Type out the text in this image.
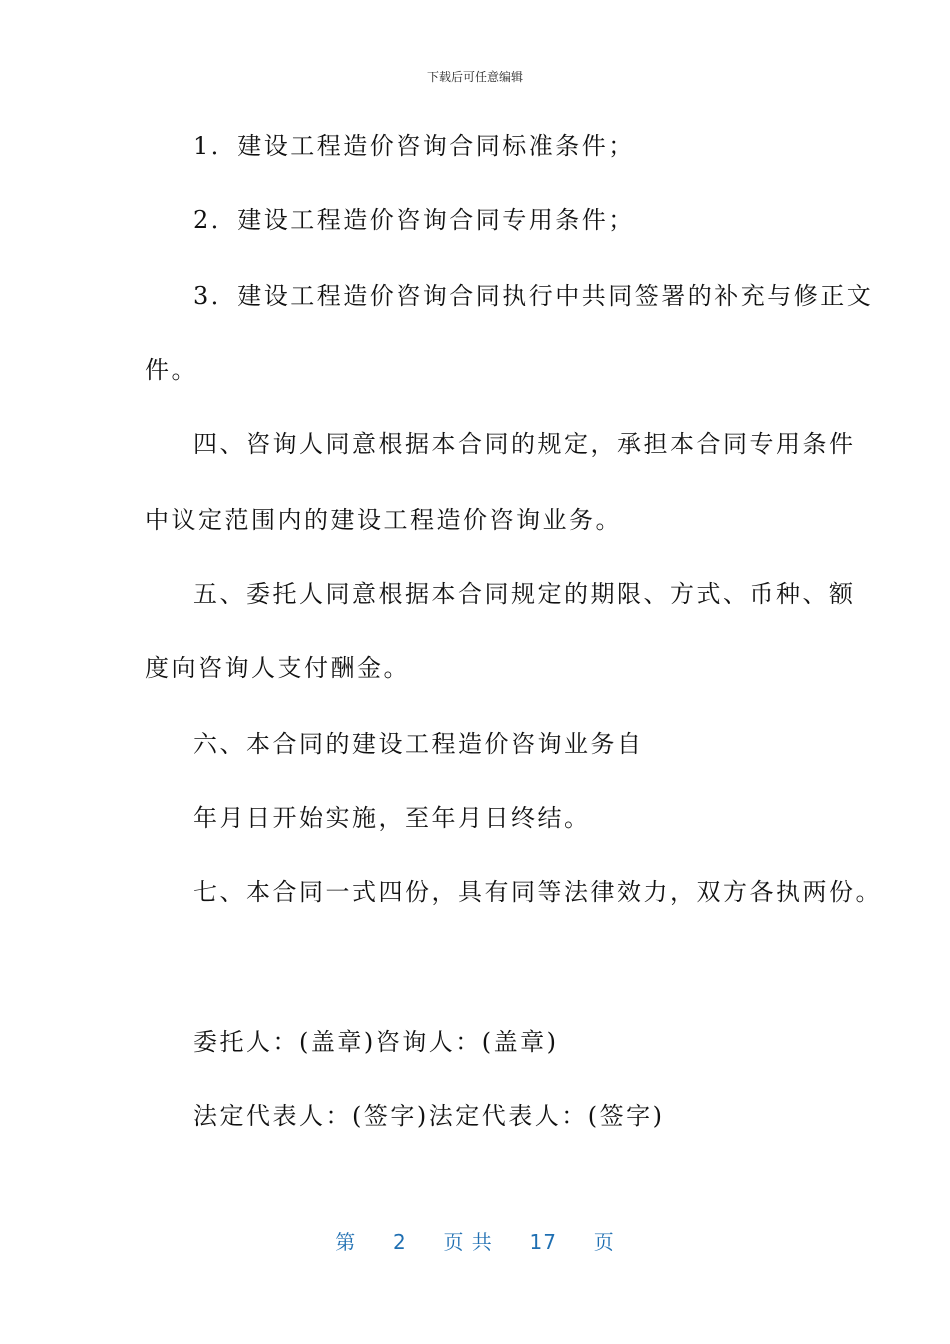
下载后可任意编辑
1．建设工程造价咨询合同标准条件；
2．建设工程造价咨询合同专用条件；
3．建设工程造价咨询合同执行中共同签署的补充与修正文
件。
四、咨询人同意根据本合同的规定，承担本合同专用条件
中议定范围内的建设工程造价咨询业务。
五、委托人同意根据本合同规定的期限、方式、币种、额
度向咨询人支付酬金。
六、本合同的建设工程造价咨询业务自
年月日开始实施，至年月日终结。
七、本合同一式四份，具有同等法律效力，双方各执两份。
委托人：(盖章)咨询人：(盖章)
法定代表人：(签字)法定代表人：(签字)
第 2 页 共 17 页
